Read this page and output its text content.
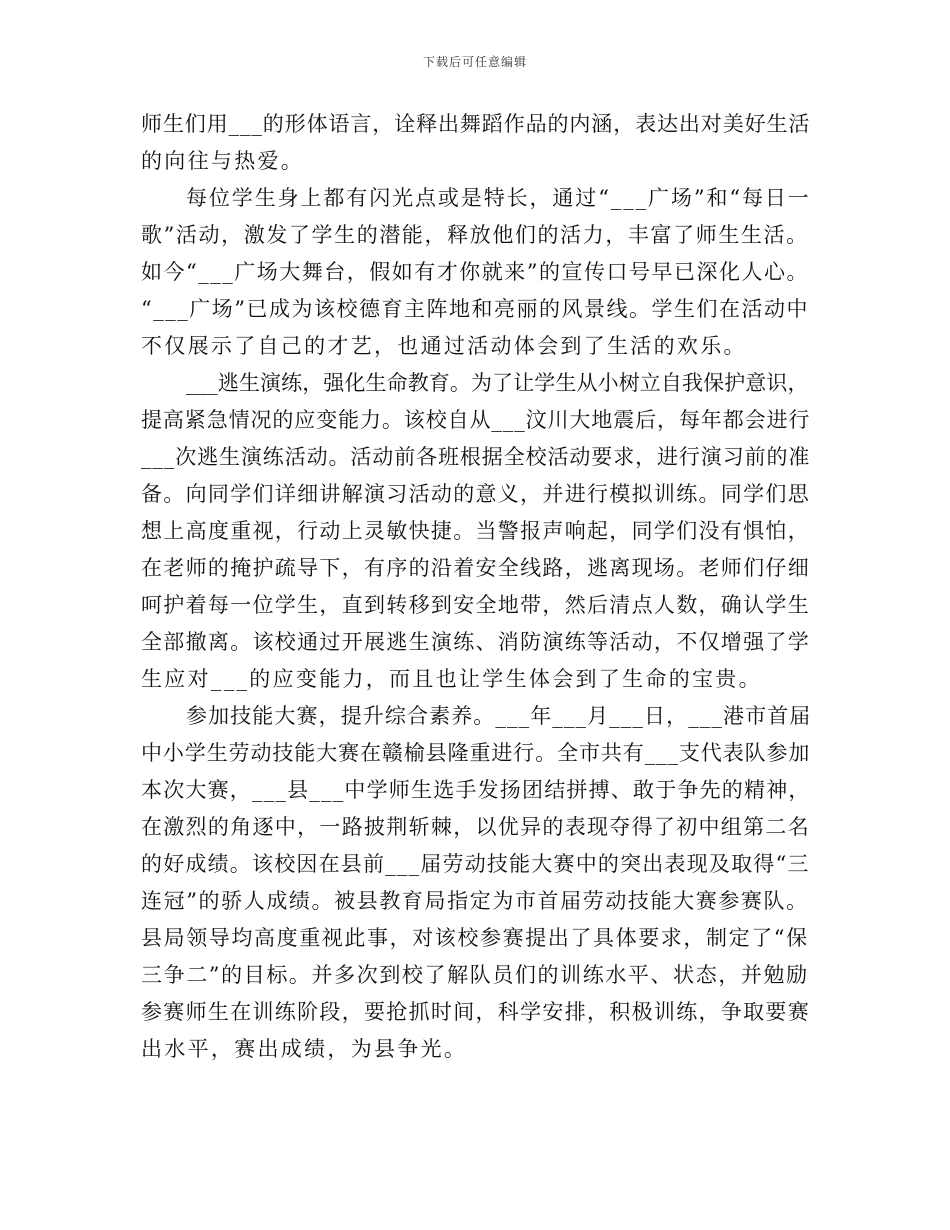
下载后可任意编辑
师生们用___的形体语言，诠释出舞蹈作品的内涵，表达出对美好生活
的向往与热爱。
每位学生身上都有闪光点或是特长，通过“___广场”和“每日一
歌”活动，激发了学生的潜能，释放他们的活力，丰富了师生生活。
如今“___广场大舞台，假如有才你就来”的宣传口号早已深化人心。
“___广场”已成为该校德育主阵地和亮丽的风景线。学生们在活动中
不仅展示了自己的才艺，也通过活动体会到了生活的欢乐。
___逃生演练，强化生命教育。为了让学生从小树立自我保护意识，
提高紧急情况的应变能力。该校自从___汶川大地震后，每年都会进行
___次逃生演练活动。活动前各班根据全校活动要求，进行演习前的准
备。向同学们详细讲解演习活动的意义，并进行模拟训练。同学们思
想上高度重视，行动上灵敏快捷。当警报声响起，同学们没有惧怕，
在老师的掩护疏导下，有序的沿着安全线路，逃离现场。老师们仔细
呵护着每一位学生，直到转移到安全地带，然后清点人数，确认学生
全部撤离。该校通过开展逃生演练、消防演练等活动，不仅增强了学
生应对___的应变能力，而且也让学生体会到了生命的宝贵。
参加技能大赛，提升综合素养。___年___月___日，___港市首届
中小学生劳动技能大赛在赣榆县隆重进行。全市共有___支代表队参加
本次大赛，___县___中学师生选手发扬团结拼搏、敢于争先的精神，
在激烈的角逐中，一路披荆斩棘，以优异的表现夺得了初中组第二名
的好成绩。该校因在县前___届劳动技能大赛中的突出表现及取得“三
连冠”的骄人成绩。被县教育局指定为市首届劳动技能大赛参赛队。
县局领导均高度重视此事，对该校参赛提出了具体要求，制定了“保
三争二”的目标。并多次到校了解队员们的训练水平、状态，并勉励
参赛师生在训练阶段，要抢抓时间，科学安排，积极训练，争取要赛
出水平，赛出成绩，为县争光。
